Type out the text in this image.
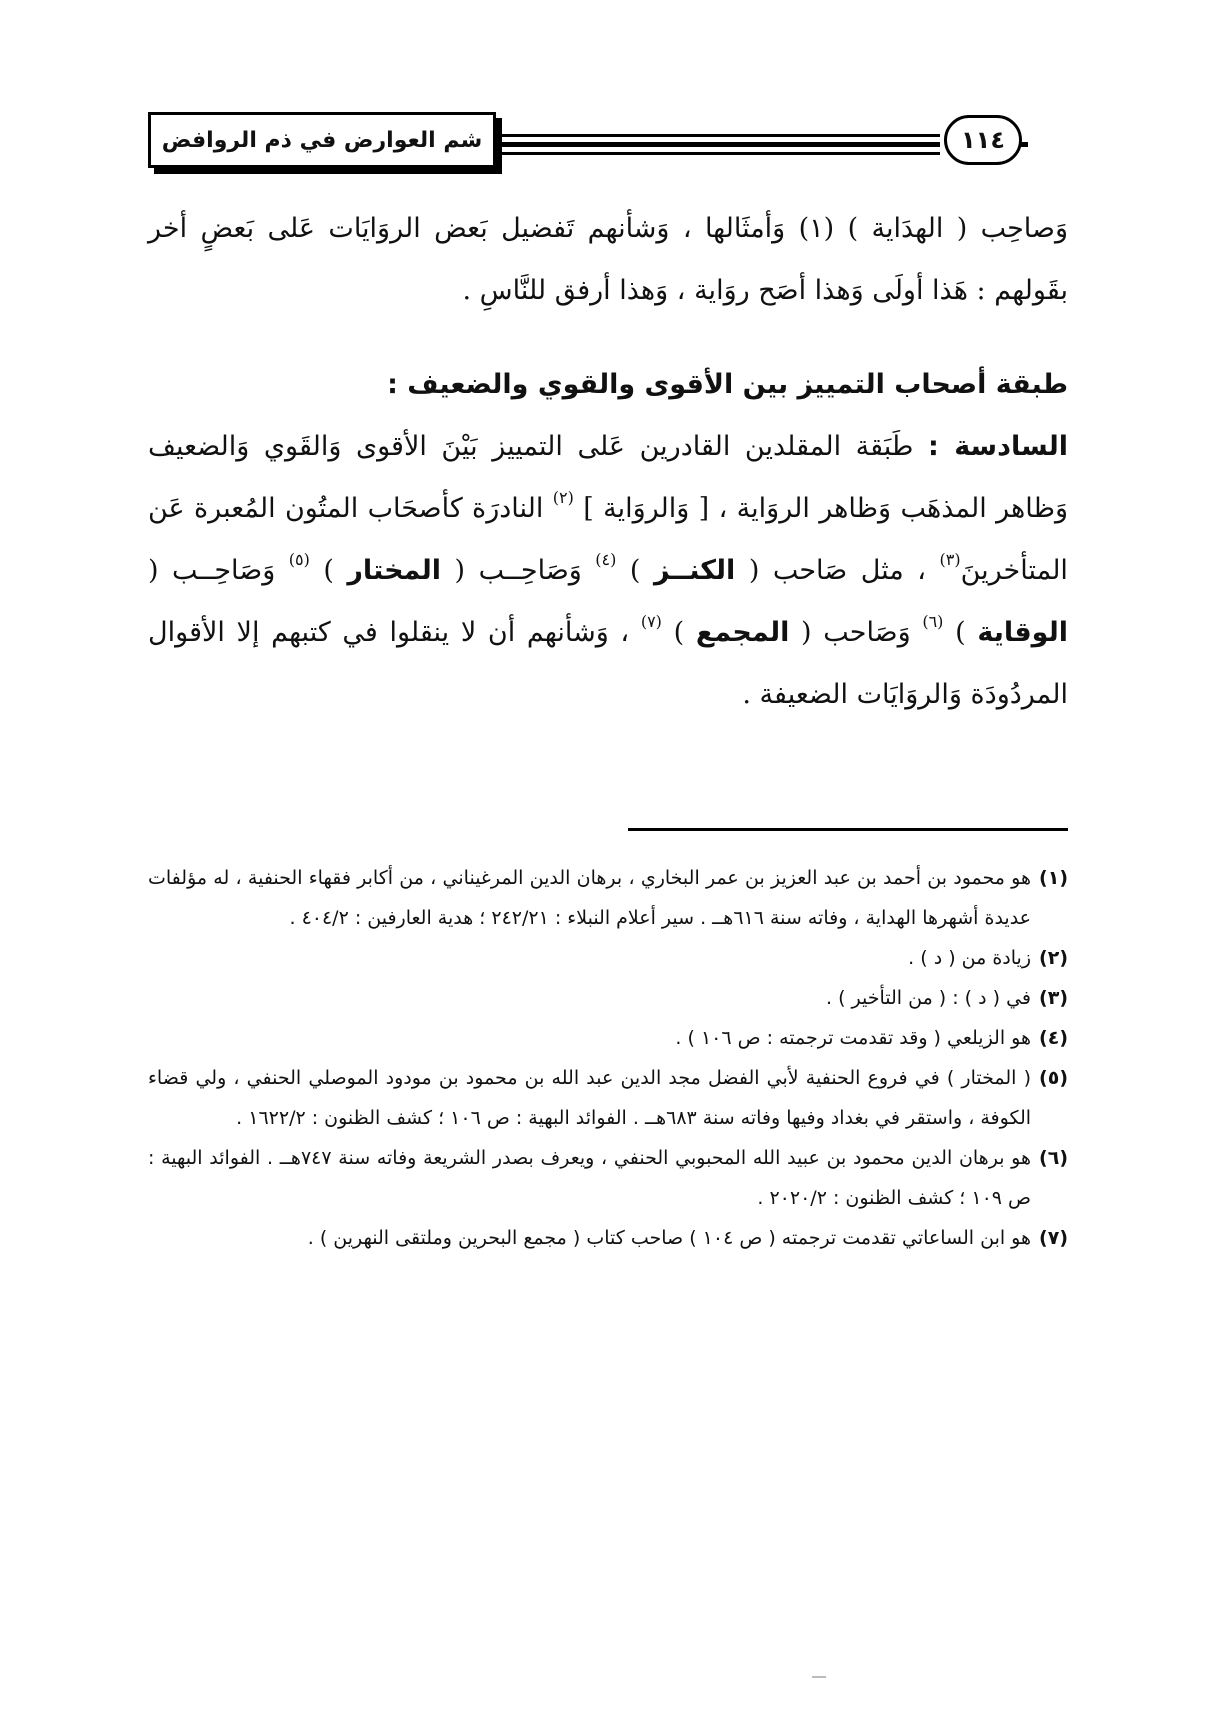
شم العوارض في ذم الروافض	١١٤

وَصاحِب ( الهدَاية ) (١) وَأمثَالها ، وَشأنهم تَفضيل بَعض الروَايَات عَلى بَعضٍ أخر بقَولهم : هَذا أولَى وَهذا أصَح روَاية ، وَهذا أرفق للنَّاسِ .

طبقة أصحاب التمييز بين الأقوى والقوي والضعيف :

السادسة : طَبَقة المقلدين القادرين عَلى التمييز بَيْنَ الأقوى وَالقَوي وَالضعيف وَظاهر المذهَب وَظاهر الروَاية ، [ وَالروَاية ] $^{(٢)}$ النادرَة كأصحَاب المتُون المُعبرة عَن المتأخرينَ$^{(٣)}$ ، مثل صَاحب ( الكنــز ) $^{(٤)}$ وَصَاحِــب ( المختار ) $^{(٥)}$ وَصَاحِــب ( الوقاية ) $^{(٦)}$ وَصَاحب ( المجمع ) $^{(٧)}$ ، وَشأنهم أن لا ينقلوا في كتبهم إلا الأقوال المردُودَة وَالروَايَات الضعيفة .

(١)
هو محمود بن أحمد بن عبد العزيز بن عمر البخاري ، برهان الدين المرغيناني ، من أكابر فقهاء الحنفية ، له مؤلفات عديدة أشهرها الهداية ، وفاته سنة ٦١٦هــ . سير أعلام النبلاء : ٢٤٢/٢١ ؛ هدية العارفين : ٤٠٤/٢ .
(٢)
زيادة من ( د ) .
(٣)
في ( د ) : ( من التأخير ) .
(٤)
هو الزيلعي ( وقد تقدمت ترجمته : ص ١٠٦ ) .
(٥)
( المختار ) في فروع الحنفية لأبي الفضل مجد الدين عبد الله بن محمود بن مودود الموصلي الحنفي ، ولي قضاء الكوفة ، واستقر في بغداد وفيها وفاته سنة ٦٨٣هــ . الفوائد البهية : ص ١٠٦ ؛ كشف الظنون : ١٦٢٢/٢ .
(٦)
هو برهان الدين محمود بن عبيد الله المحبوبي الحنفي ، ويعرف بصدر الشريعة وفاته سنة ٧٤٧هــ . الفوائد البهية : ص ١٠٩ ؛ كشف الظنون : ٢٠٢٠/٢ .
(٧)
هو ابن الساعاتي تقدمت ترجمته ( ص ١٠٤ ) صاحب كتاب ( مجمع البحرين وملتقى النهرين ) .
